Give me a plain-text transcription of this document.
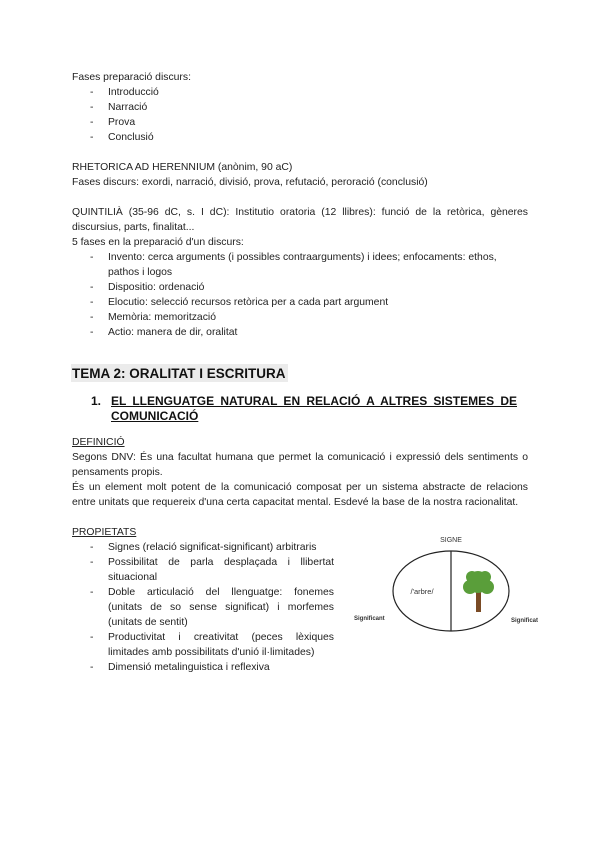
Fases preparació discurs:
- Introducció
- Narració
- Prova
- Conclusió
RHETORICA AD HERENNIUM (anònim, 90 aC)
Fases discurs: exordi, narració, divisió, prova, refutació, peroració (conclusió)
QUINTILIÀ (35-96 dC, s. I dC): Institutio oratoria (12 llibres): funció de la retòrica, gèneres discursius, parts, finalitat...
5 fases en la preparació d'un discurs:
- Invento: cerca arguments (i possibles contraarguments) i idees; enfocaments: ethos, pathos i logos
- Dispositio: ordenació
- Elocutio: selecció recursos retòrica per a cada part argument
- Memòria: memorització
- Actio: manera de dir, oralitat
TEMA 2: ORALITAT I ESCRITURA
1. EL LLENGUATGE NATURAL EN RELACIÓ A ALTRES SISTEMES DE COMUNICACIÓ
DEFINICIÓ
Segons DNV: És una facultat humana que permet la comunicació i expressió dels sentiments o pensaments propis.
És un element molt potent de la comunicació composat per un sistema abstracte de relacions entre unitats que requereix d'una certa capacitat mental. Esdevé la base de la nostra racionalitat.
PROPIETATS
- Signes (relació significat-significant) arbitraris
- Possibilitat de parla desplaçada i llibertat situacional
- Doble articulació del llenguatge: fonemes (unitats de so sense significat) i morfemes (unitats de sentit)
- Productivitat i creativitat (peces lèxiques limitades amb possibilitats d'unió il·limitades)
- Dimensió metalinguistica i reflexiva
SIGNE
/'arbre/
Significant	Significat
